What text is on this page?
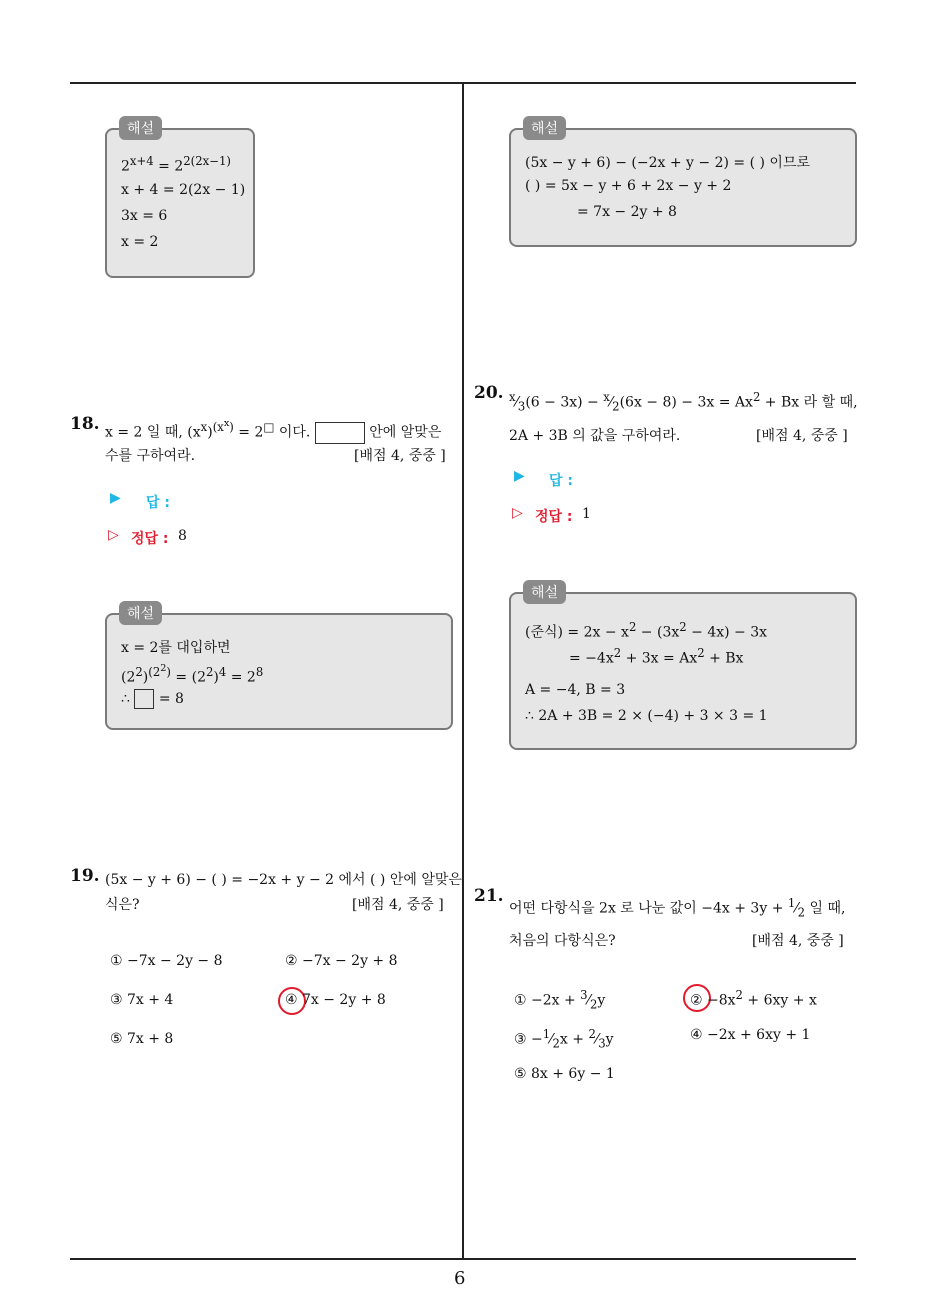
6
$2^{x+4} = 2^{2(2x-1)}$
x + 4 = 2(2x − 1)
3x = 6
x = 2
해설
18. x = 2 일 때, $(x^x)^{(x^x)} = 2^□$ 이다.	안에 알맞은
수를 구하여라.	[배점 4, 중중 ]
▶ 답 :
▷ 정답 : 8
x = 2를 대입하면
$(2^2)^{(2^2)} = (2^2)^4 = 2^8$
∴  = 8
해설
19. (5x − y + 6) − ( ) = −2x + y − 2 에서 ( ) 안에 알맞은
식은?	[배점 4, 중중 ]
① −7x − 2y − 8	② −7x − 2y + 8
③ 7x + 4	④ 7x − 2y + 8
⑤ 7x + 8
(5x − y + 6) − (−2x + y − 2) = ( ) 이므로
( ) = 5x − y + 6 + 2x − y + 2
= 7x − 2y + 8
해설
20. $^x⁄_3(6 - 3x)$ − $^x⁄_2(6x - 8) - 3x = Ax^2 + Bx$ 라 할 때,
2A + 3B 의 값을 구하여라.	[배점 4, 중중 ]
▶ 답 :
▷ 정답 : 1
(준식) = $2x - x^2 - (3x^2 - 4x) - 3x$
= $-4x^2 + 3x = Ax^2 + Bx$
A = −4, B = 3
∴ 2A + 3B = 2 × (−4) + 3 × 3 = 1
해설
21.
어떤 다항식을 2x 로 나눈 값이 $-4x + 3y + ^1⁄_2$ 일 때,
처음의 다항식은?	[배점 4, 중중 ]
① $-2x + ^3⁄_2y$	② $-8x^2 + 6xy + x$
③ $-^1⁄_2x$ + $^2⁄_3y$	④ −2x + 6xy + 1
⑤ 8x + 6y − 1
